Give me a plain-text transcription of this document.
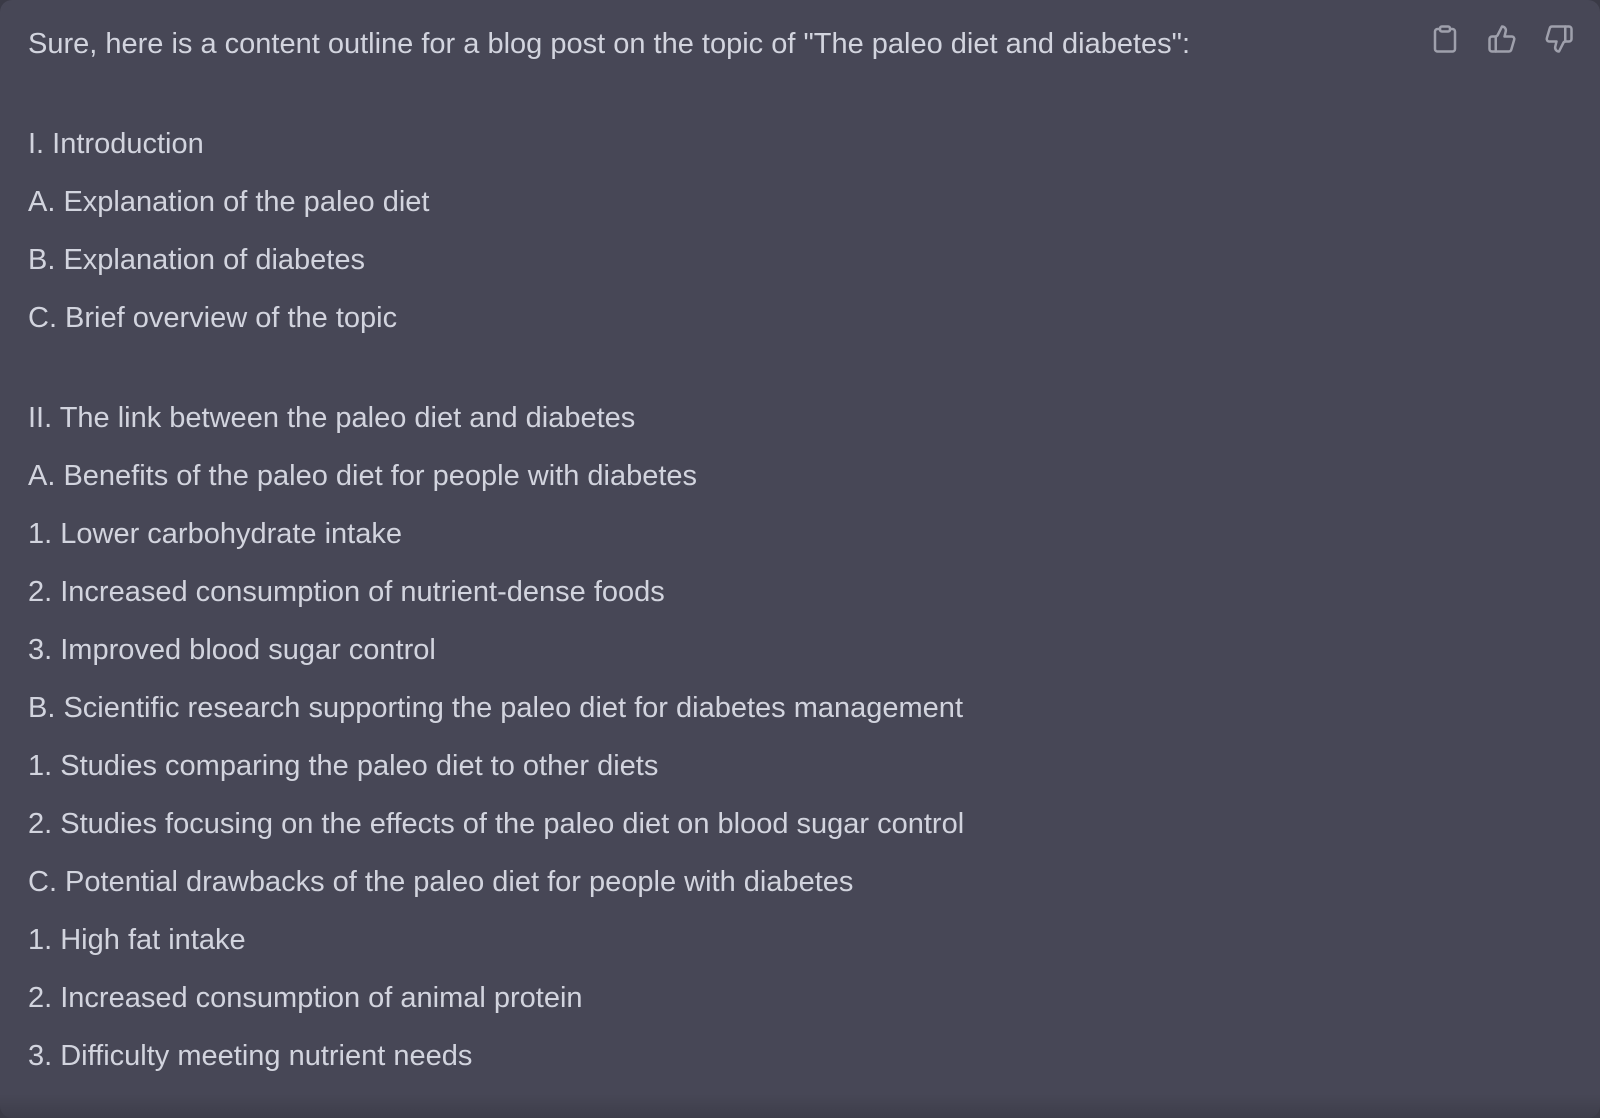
Sure, here is a content outline for a blog post on the topic of "The paleo diet and diabetes":

I. Introduction

A. Explanation of the paleo diet

B. Explanation of diabetes

C. Brief overview of the topic

II. The link between the paleo diet and diabetes

A. Benefits of the paleo diet for people with diabetes

1. Lower carbohydrate intake

2. Increased consumption of nutrient-dense foods

3. Improved blood sugar control

B. Scientific research supporting the paleo diet for diabetes management

1. Studies comparing the paleo diet to other diets

2. Studies focusing on the effects of the paleo diet on blood sugar control

C. Potential drawbacks of the paleo diet for people with diabetes

1. High fat intake

2. Increased consumption of animal protein

3. Difficulty meeting nutrient needs
